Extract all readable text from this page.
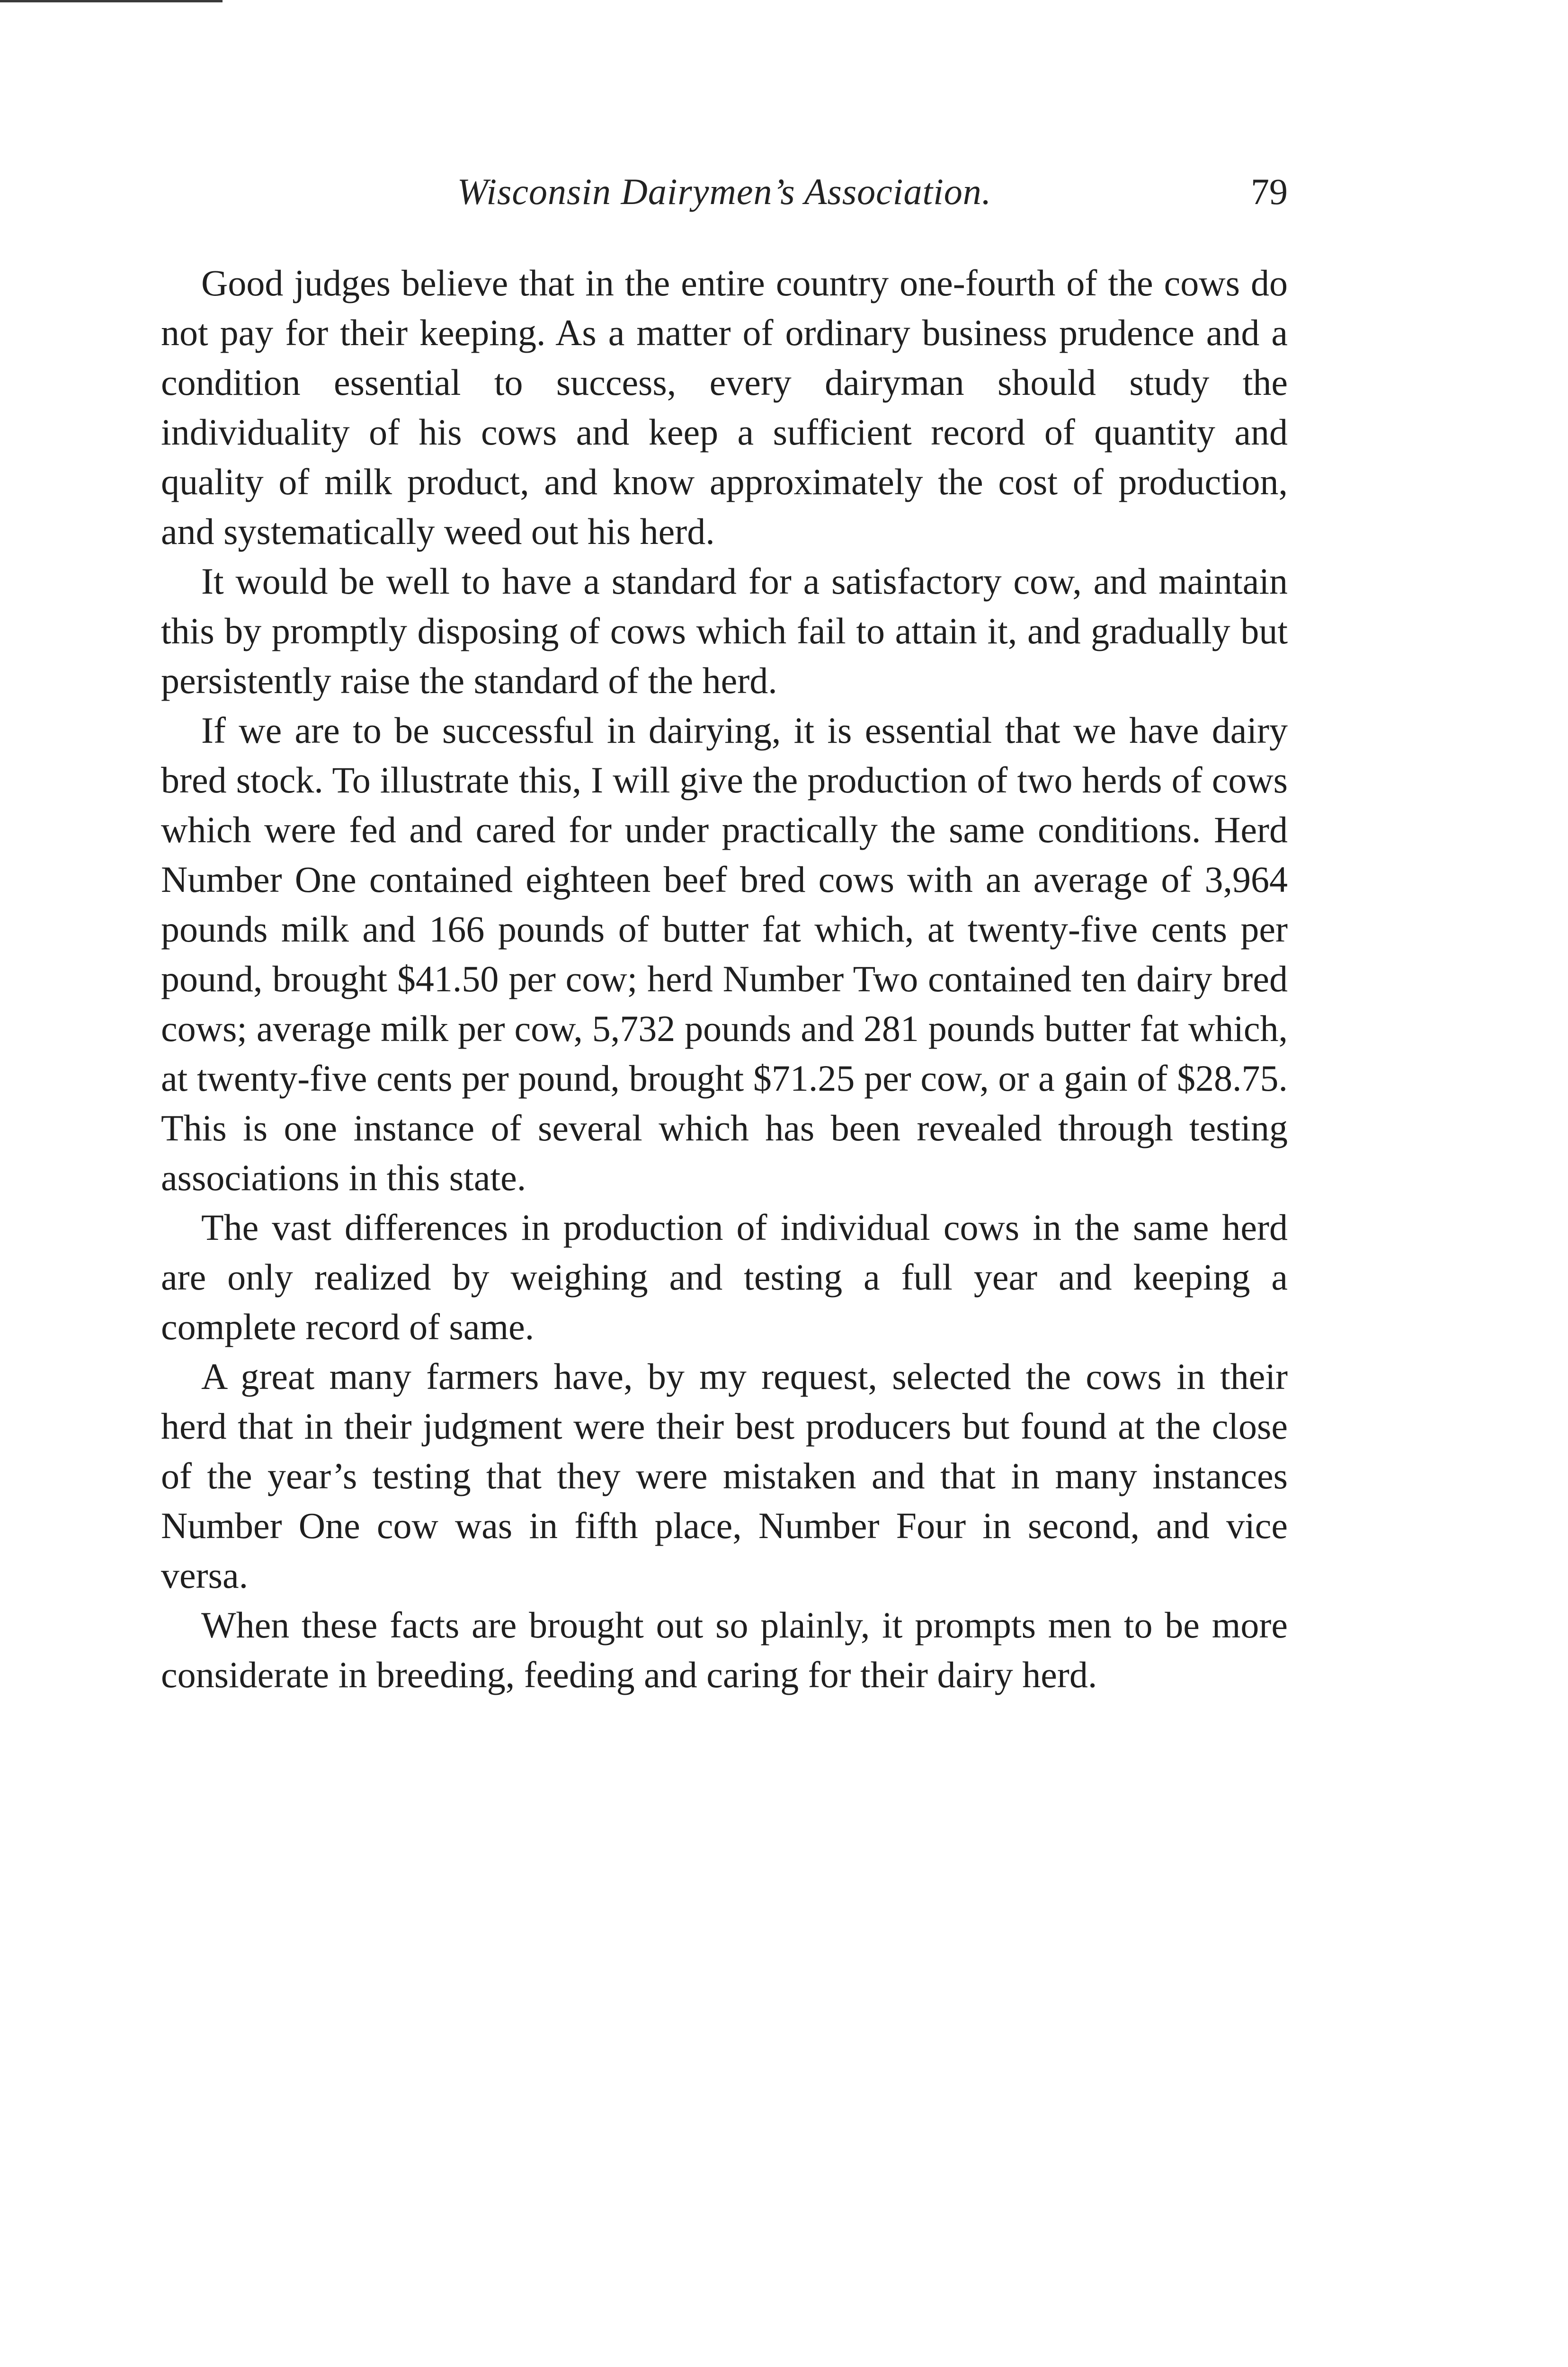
Wisconsin Dairymen’s Association.	79

Good judges believe that in the entire country one-fourth of the cows do not pay for their keeping. As a matter of ordinary business prudence and a condition essential to success, every dairyman should study the individuality of his cows and keep a sufficient record of quantity and quality of milk product, and know approximately the cost of production, and systematically weed out his herd.

It would be well to have a standard for a satisfactory cow, and maintain this by promptly disposing of cows which fail to attain it, and gradually but persistently raise the standard of the herd.

If we are to be successful in dairying, it is essential that we have dairy bred stock. To illustrate this, I will give the production of two herds of cows which were fed and cared for under practically the same conditions. Herd Number One contained eighteen beef bred cows with an average of 3,964 pounds milk and 166 pounds of butter fat which, at twenty-five cents per pound, brought $41.50 per cow; herd Number Two contained ten dairy bred cows; average milk per cow, 5,732 pounds and 281 pounds butter fat which, at twenty-five cents per pound, brought $71.25 per cow, or a gain of $28.75. This is one instance of several which has been revealed through testing associations in this state.

The vast differences in production of individual cows in the same herd are only realized by weighing and testing a full year and keeping a complete record of same.

A great many farmers have, by my request, selected the cows in their herd that in their judgment were their best producers but found at the close of the year’s testing that they were mistaken and that in many instances Number One cow was in fifth place, Number Four in second, and vice versa.

When these facts are brought out so plainly, it prompts men to be more considerate in breeding, feeding and caring for their dairy herd.
